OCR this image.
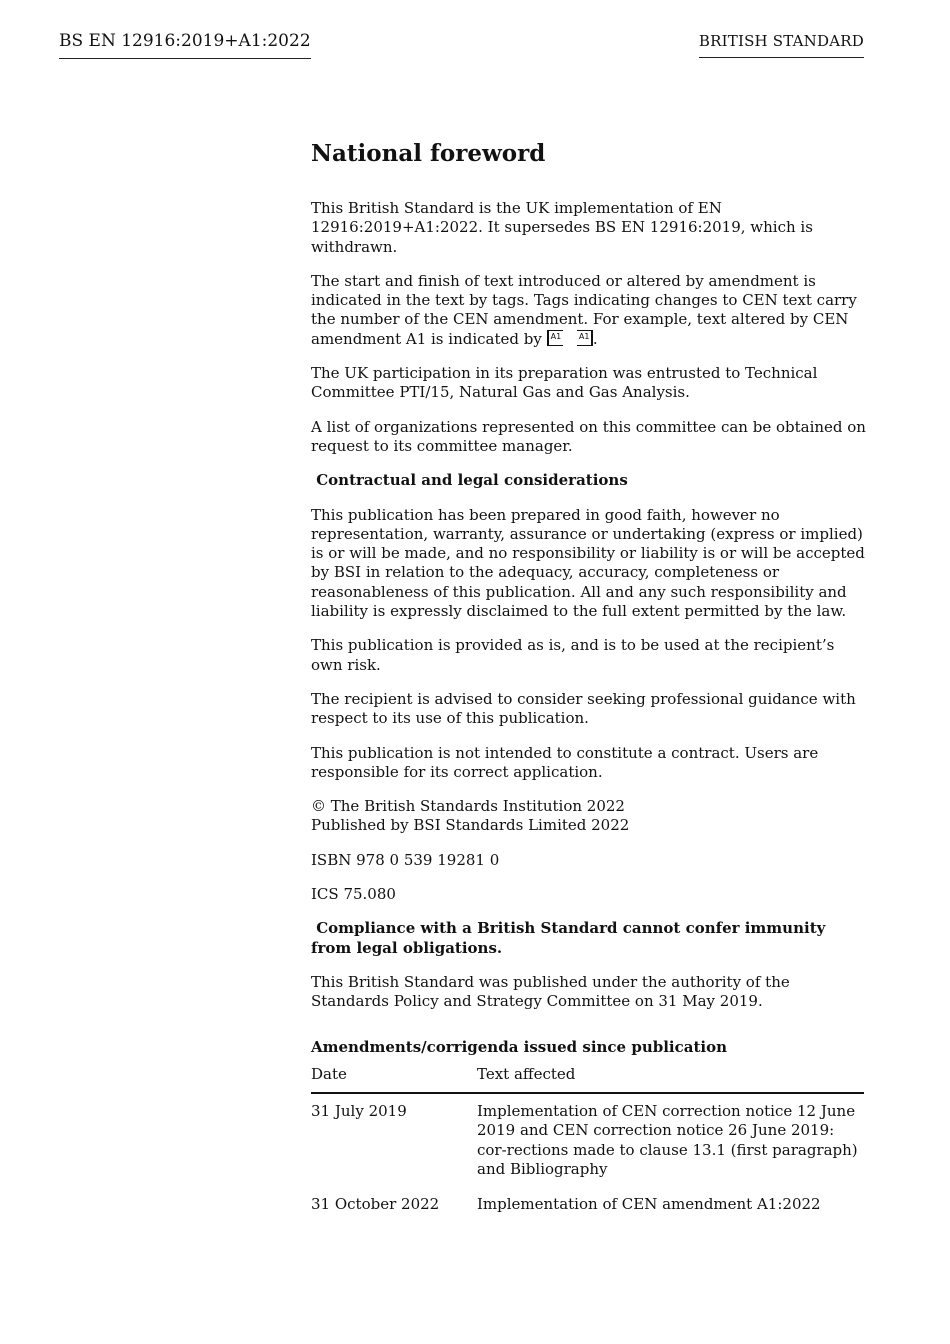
BS EN 12916:2019+A1:2022	BRITISH STANDARD
National foreword

This British Standard is the UK implementation of EN 12916:2019+A1:2022. It supersedes BS EN 12916:2019, which is withdrawn.

The start and finish of text introduced or altered by amendment is indicated in the text by tags. Tags indicating changes to CEN text carry the number of the CEN amendment. For example, text altered by CEN amendment A1 is indicated by A1
A1 .

The UK participation in its preparation was entrusted to Technical Committee PTI/15, Natural Gas and Gas Analysis.

A list of organizations represented on this committee can be obtained on request to its committee manager.

Contractual and legal considerations

This publication has been prepared in good faith, however no representation, warranty, assurance or undertaking (express or implied) is or will be made, and no responsibility or liability is or will be accepted by BSI in relation to the adequacy, accuracy, completeness or reasonableness of this publication. All and any such responsibility and liability is expressly disclaimed to the full extent permitted by the law.

This publication is provided as is, and is to be used at the recipient’s own risk.

The recipient is advised to consider seeking professional guidance with respect to its use of this publication.

This publication is not intended to constitute a contract. Users are responsible for its correct application.

© The British Standards Institution 2022
Published by BSI Standards Limited 2022

ISBN 978 0 539 19281 0

ICS 75.080

Compliance with a British Standard cannot confer immunity from legal obligations.

This British Standard was published under the authority of the Standards Policy and Strategy Committee on 31 May 2019.

Amendments/corrigenda issued since publication
Date	Text affected
31 July 2019	Implementation of CEN correction notice 12 June 2019 and CEN correction notice 26 June 2019: cor-rections made to clause 13.1 (first paragraph) and Bibliography
31 October 2022	Implementation of CEN amendment A1:2022
